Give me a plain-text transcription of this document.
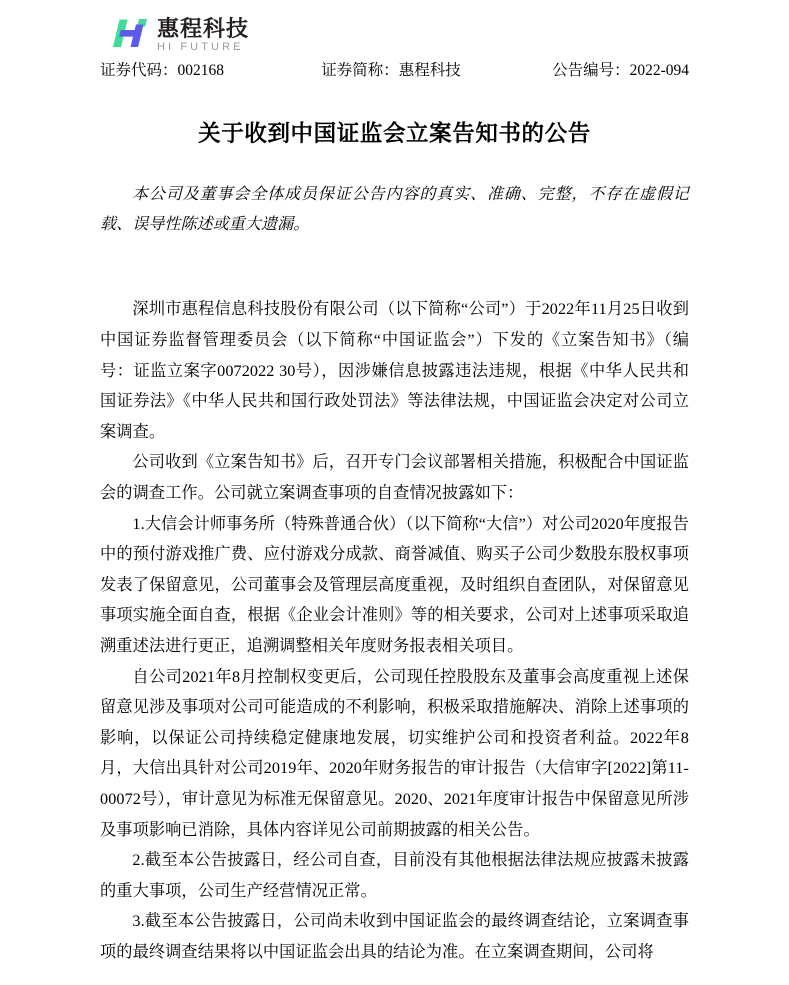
惠程科技
HI FUTURE
证券代码：002168	证券简称：惠程科技	公告编号：2022-094
关于收到中国证监会立案告知书的公告

本公司及董事会全体成员保证公告内容的真实、准确、完整，不存在虚假记载、误导性陈述或重大遗漏。

深圳市惠程信息科技股份有限公司（以下简称“公司”）于2022年11月25日收到中国证券监督管理委员会（以下简称“中国证监会”）下发的《立案告知书》（编号：证监立案字0072022 30号），因涉嫌信息披露违法违规，根据《中华人民共和国证券法》《中华人民共和国行政处罚法》等法律法规，中国证监会决定对公司立案调查。

公司收到《立案告知书》后，召开专门会议部署相关措施，积极配合中国证监会的调查工作。公司就立案调查事项的自查情况披露如下：

1.大信会计师事务所（特殊普通合伙）（以下简称“大信”）对公司2020年度报告中的预付游戏推广费、应付游戏分成款、商誉减值、购买子公司少数股东股权事项发表了保留意见，公司董事会及管理层高度重视，及时组织自查团队，对保留意见事项实施全面自查，根据《企业会计准则》等的相关要求，公司对上述事项采取追溯重述法进行更正，追溯调整相关年度财务报表相关项目。

自公司2021年8月控制权变更后，公司现任控股股东及董事会高度重视上述保留意见涉及事项对公司可能造成的不利影响，积极采取措施解决、消除上述事项的影响，以保证公司持续稳定健康地发展，切实维护公司和投资者利益。2022年8月，大信出具针对公司2019年、2020年财务报告的审计报告（大信审字[2022]第11-00072号），审计意见为标准无保留意见。2020、2021年度审计报告中保留意见所涉及事项影响已消除，具体内容详见公司前期披露的相关公告。

2.截至本公告披露日，经公司自查，目前没有其他根据法律法规应披露未披露的重大事项，公司生产经营情况正常。

3.截至本公告披露日，公司尚未收到中国证监会的最终调查结论，立案调查事项的最终调查结果将以中国证监会出具的结论为准。在立案调查期间，公司将
